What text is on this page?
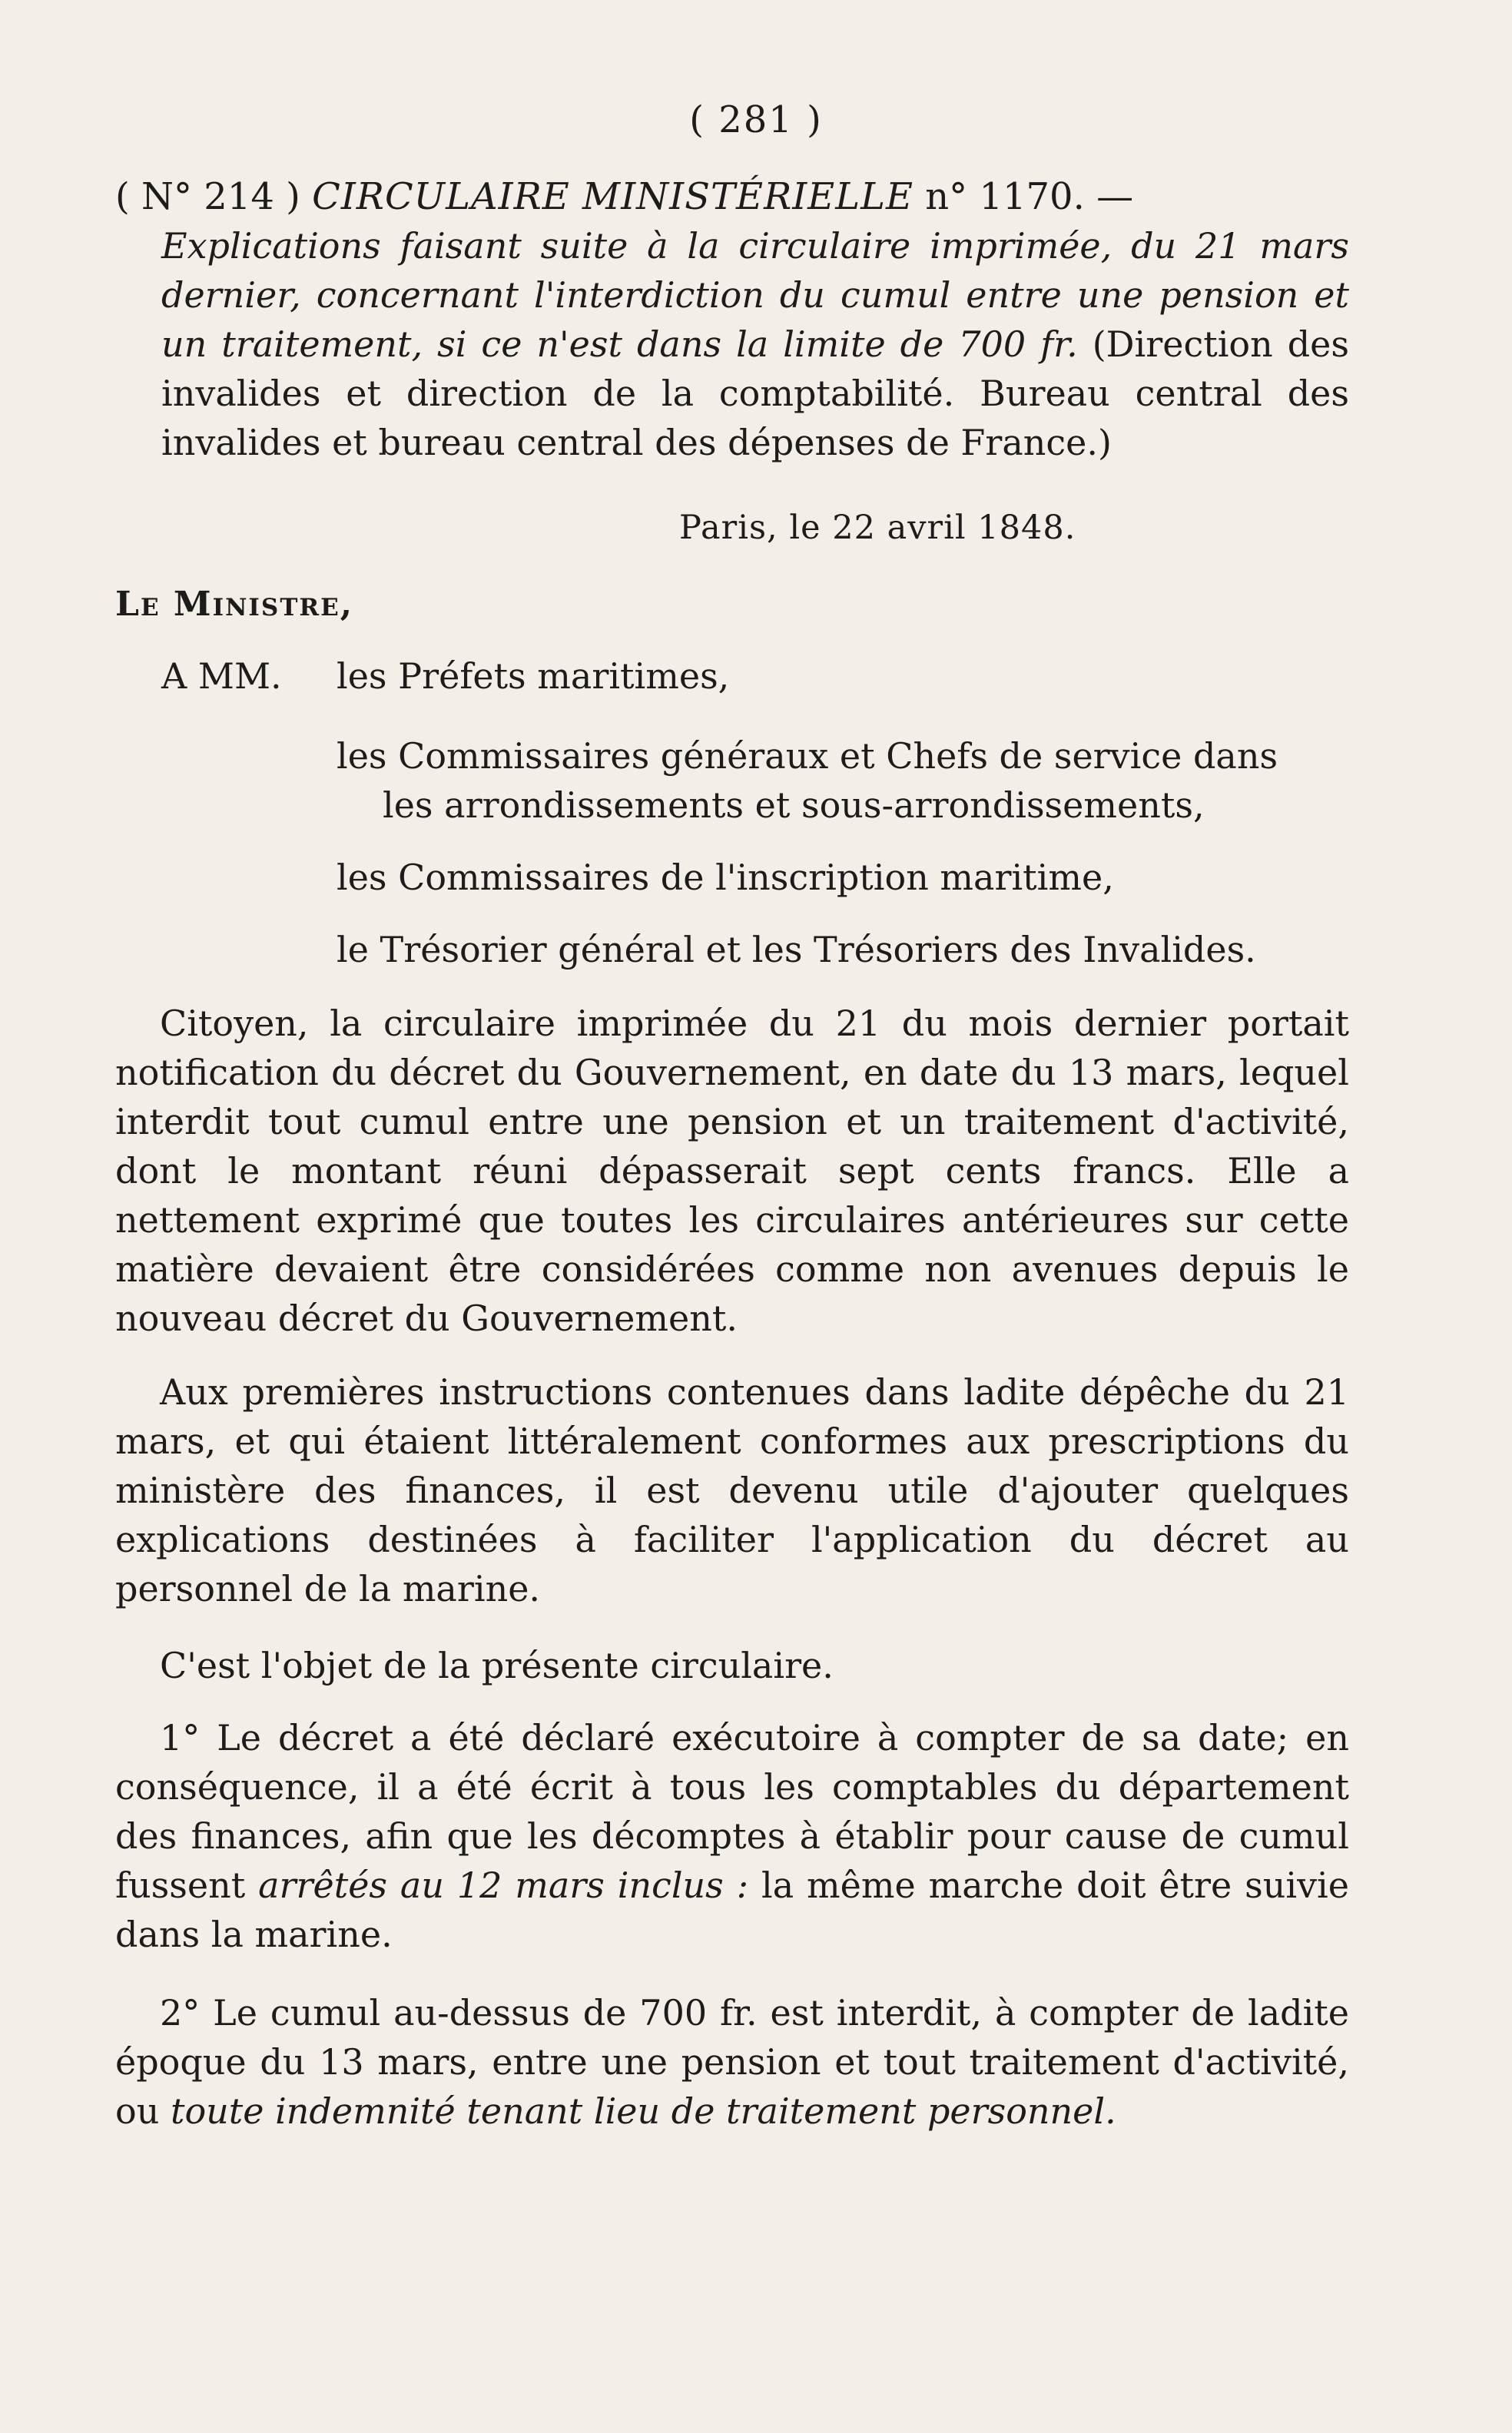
( 281 )
( N° 214 ) CIRCULAIRE MINISTÉRIELLE n° 1170. —
Explications faisant suite à la circulaire imprimée, du 21 mars dernier, concernant l'interdiction du cumul entre une pension et un traitement, si ce n'est dans la limite de 700 fr. (Direction des invalides et direction de la comptabilité. Bureau central des invalides et bureau central des dépenses de France.)
Paris, le 22 avril 1848.
Le Ministre,
A MM. les Préfets maritimes,
les Commissaires généraux et Chefs de service dans
les arrondissements et sous-arrondissements,
les Commissaires de l'inscription maritime,
le Trésorier général et les Trésoriers des Invalides.

Citoyen, la circulaire imprimée du 21 du mois dernier portait notification du décret du Gouvernement, en date du 13 mars, lequel interdit tout cumul entre une pension et un traitement d'activité, dont le montant réuni dépasserait sept cents francs. Elle a nettement exprimé que toutes les circulaires antérieures sur cette matière devaient être considérées comme non avenues depuis le nouveau décret du Gouvernement.

Aux premières instructions contenues dans ladite dépêche du 21 mars, et qui étaient littéralement conformes aux prescriptions du ministère des finances, il est devenu utile d'ajouter quelques explications destinées à faciliter l'application du décret au personnel de la marine.

C'est l'objet de la présente circulaire.

1° Le décret a été déclaré exécutoire à compter de sa date; en conséquence, il a été écrit à tous les comptables du département des finances, afin que les décomptes à établir pour cause de cumul fussent arrêtés au 12 mars inclus : la même marche doit être suivie dans la marine.

2° Le cumul au-dessus de 700 fr. est interdit, à compter de ladite époque du 13 mars, entre une pension et tout traitement d'activité, ou toute indemnité tenant lieu de traitement personnel.
